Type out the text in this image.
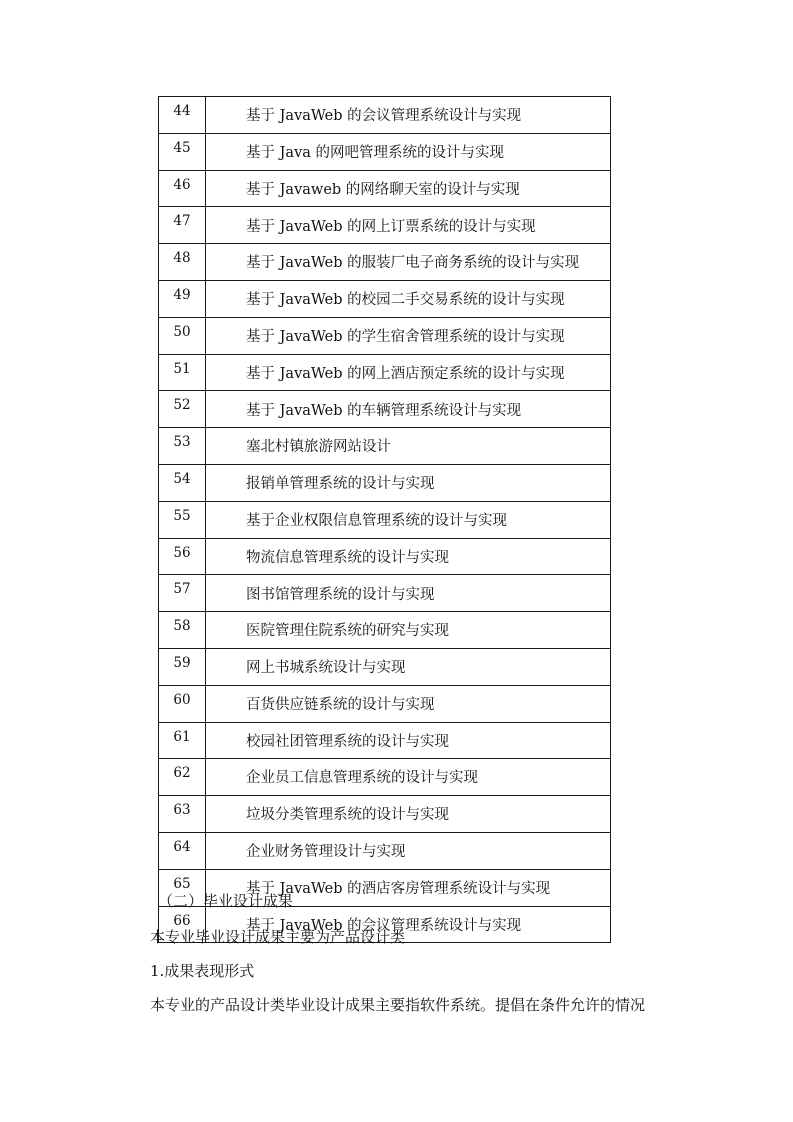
44	基于 JavaWeb 的会议管理系统设计与实现
45	基于 Java 的网吧管理系统的设计与实现
46	基于 Javaweb 的网络聊天室的设计与实现
47	基于 JavaWeb 的网上订票系统的设计与实现
48	基于 JavaWeb 的服装厂电子商务系统的设计与实现
49	基于 JavaWeb 的校园二手交易系统的设计与实现
50	基于 JavaWeb 的学生宿舍管理系统的设计与实现
51	基于 JavaWeb 的网上酒店预定系统的设计与实现
52	基于 JavaWeb 的车辆管理系统设计与实现
53	塞北村镇旅游网站设计
54	报销单管理系统的设计与实现
55	基于企业权限信息管理系统的设计与实现
56	物流信息管理系统的设计与实现
57	图书馆管理系统的设计与实现
58	医院管理住院系统的研究与实现
59	网上书城系统设计与实现
60	百货供应链系统的设计与实现
61	校园社团管理系统的设计与实现
62	企业员工信息管理系统的设计与实现
63	垃圾分类管理系统的设计与实现
64	企业财务管理设计与实现
65	基于 JavaWeb 的酒店客房管理系统设计与实现
66	基于 JavaWeb 的会议管理系统设计与实现
（二）毕业设计成果
本专业毕业设计成果主要为产品设计类
1.成果表现形式
本专业的产品设计类毕业设计成果主要指软件系统。提倡在条件允许的情况
